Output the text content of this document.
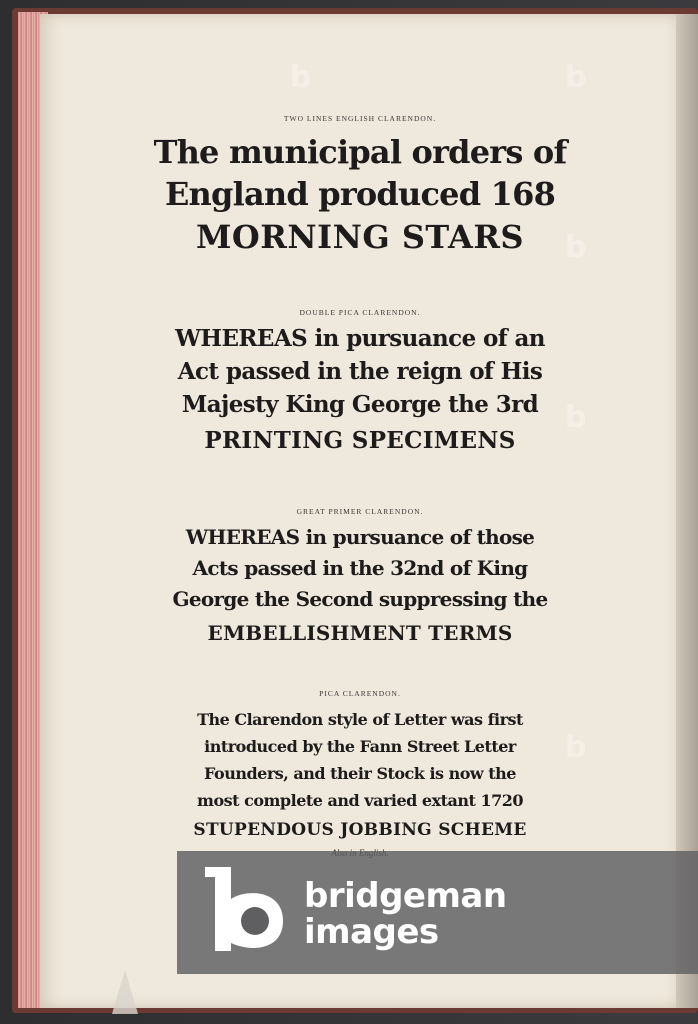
b	b
b
b
b
TWO LINES ENGLISH CLARENDON.
The municipal orders of
England produced 168
MORNING STARS
DOUBLE PICA CLARENDON.
WHEREAS in pursuance of an
Act passed in the reign of His
Majesty King George the 3rd
PRINTING SPECIMENS
GREAT PRIMER CLARENDON.
WHEREAS in pursuance of those
Acts passed in the 32nd of King
George the Second suppressing the
EMBELLISHMENT TERMS
PICA CLARENDON.
The Clarendon style of Letter was first
introduced by the Fann Street Letter
Founders, and their Stock is now the
most complete and varied extant 1720
STUPENDOUS JOBBING SCHEME
bridgeman
images
